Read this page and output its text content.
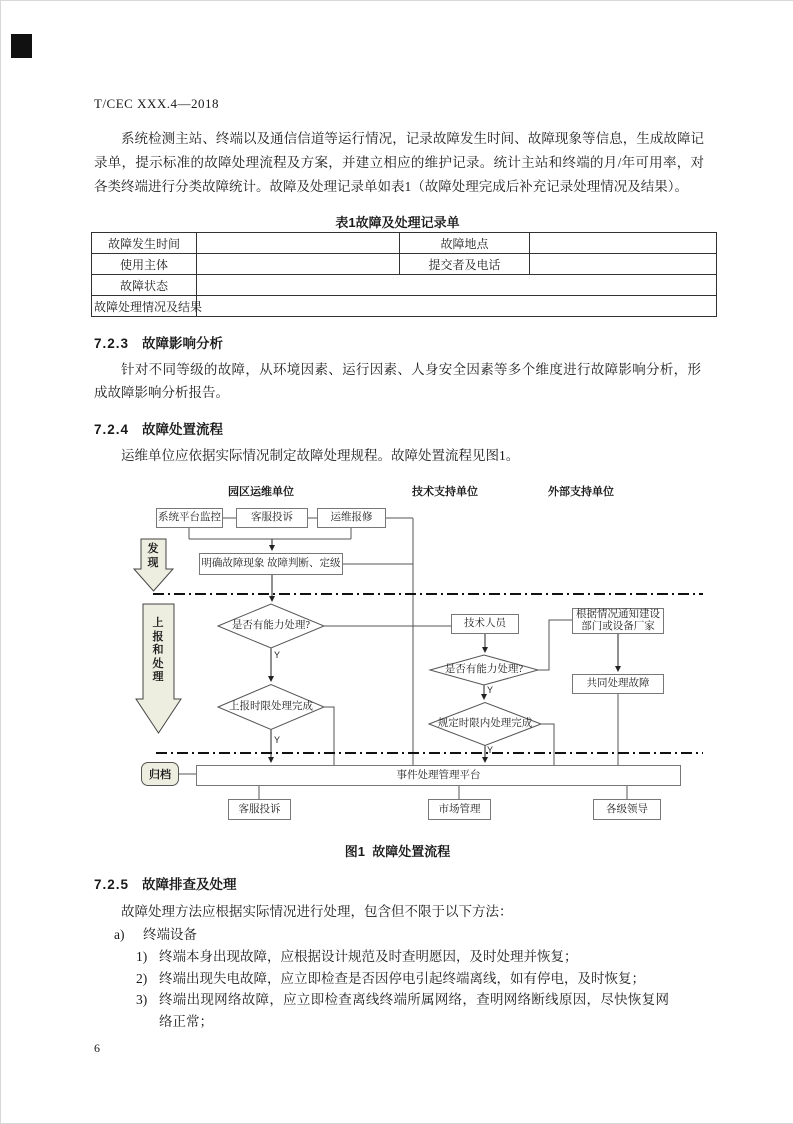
T/CEC XXX.4—2018

系统检测主站、终端以及通信信道等运行情况，记录故障发生时间、故障现象等信息，生成故障记录单，提示标准的故障处理流程及方案，并建立相应的维护记录。统计主站和终端的月/年可用率，对各类终端进行分类故障统计。故障及处理记录单如表1（故障处理完成后补充记录处理情况及结果）。

表1故障及处理记录单
故障发生时间		故障地点	
使用主体		提交者及电话	
故障状态			
故障处理情况及结果			
7.2.3 故障影响分析

针对不同等级的故障，从环境因素、运行因素、人身安全因素等多个维度进行故障影响分析，形成故障影响分析报告。

7.2.4 故障处置流程

运维单位应依据实际情况制定故障处理规程。故障处置流程见图1。

园区运维单位	技术支持单位	外部支持单位
系统平台监控	客服投诉	运维报修
明确故障现象 故障判断、定级
技术人员
根据情况通知建设部门或设备厂家
共同处理故障
事件处理管理平台
客服投诉	市场管理	各级领导
是否有能力处理?
上报时限处理完成
是否有能力处理?
规定时限内处理完成
Y
Y
Y
Y
发现
上报和处理
归档
图1  故障处置流程
7.2.5 故障排查及处理

故障处理方法应根据实际情况进行处理，包含但不限于以下方法：

a)	终端设备
1) 终端本身出现故障，应根据设计规范及时查明愿因，及时处理并恢复；
2) 终端出现失电故障，应立即检查是否因停电引起终端离线，如有停电，及时恢复；
3) 终端出现网络故障，应立即检查离线终端所属网络，查明网络断线原因，尽快恢复网络正常；
6
